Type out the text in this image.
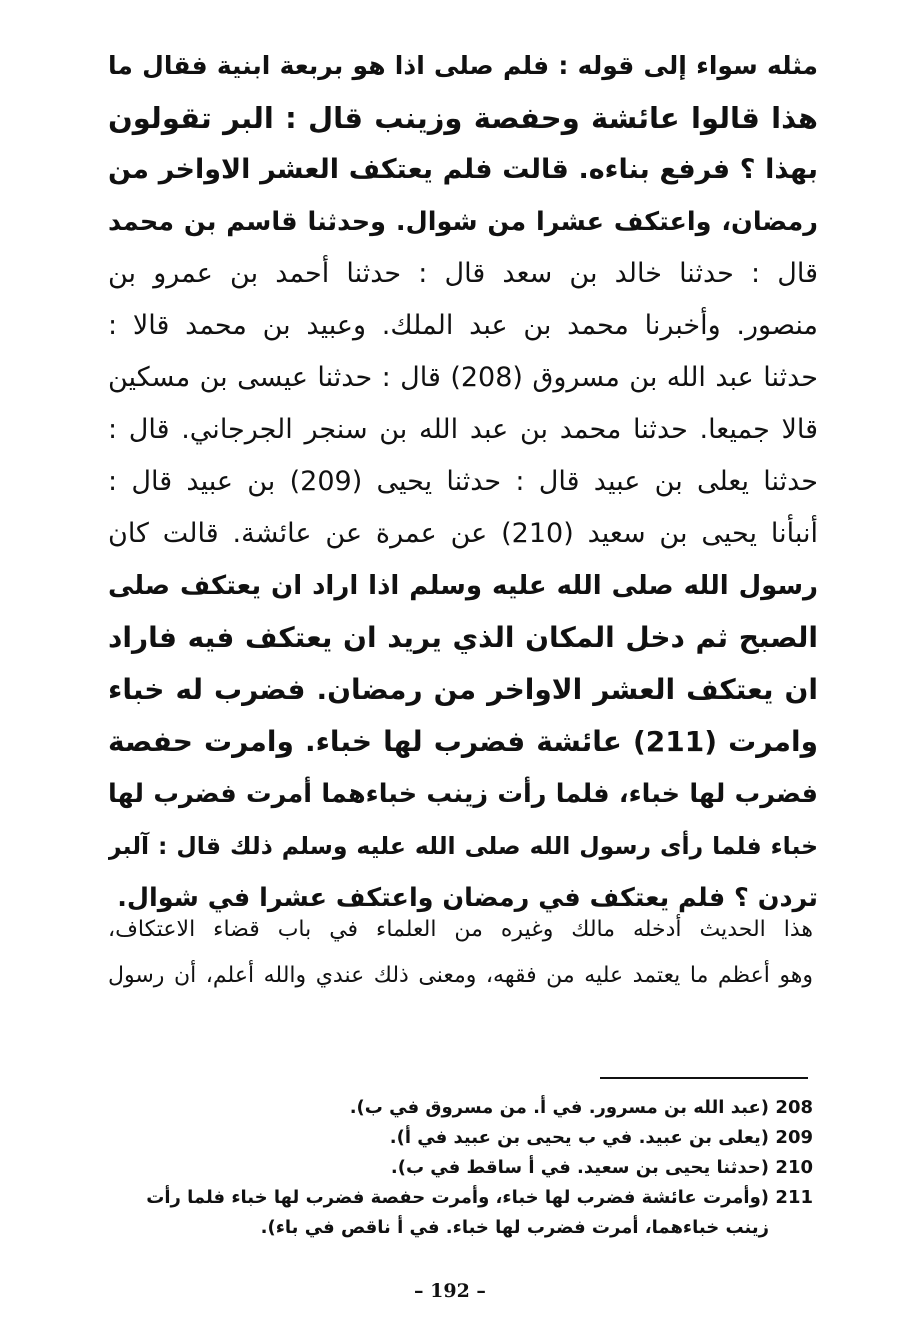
مثله سواء إلى قوله : فلم صلى اذا هو بربعة ابنية فقال ما
هذا قالوا عائشة وحفصة وزينب قال : البر تقولون
بهذا ؟ فرفع بناءه. قالت فلم يعتكف العشر الاواخر من
رمضان، واعتكف عشرا من شوال. وحدثنا قاسم بن محمد
قال : حدثنا خالد بن سعد قال : حدثنا أحمد بن عمرو بن
منصور. وأخبرنا محمد بن عبد الملك. وعبيد بن محمد قالا :
حدثنا عبد الله بن مسروق (208) قال : حدثنا عيسى بن مسكين
قالا جميعا. حدثنا محمد بن عبد الله بن سنجر الجرجاني. قال :
حدثنا يعلى بن عبيد قال : حدثنا يحيى (209) بن عبيد قال :
أنبأنا يحيى بن سعيد (210) عن عمرة عن عائشة. قالت كان
رسول الله صلى الله عليه وسلم اذا اراد ان يعتكف صلى
الصبح ثم دخل المكان الذي يريد ان يعتكف فيه فاراد
ان يعتكف العشر الاواخر من رمضان. فضرب له خباء
وامرت (211) عائشة فضرب لها خباء. وامرت حفصة
فضرب لها خباء، فلما رأت زينب خباءهما أمرت فضرب لها
خباء فلما رأى رسول الله صلى الله عليه وسلم ذلك قال : آلبر
تردن ؟ فلم يعتكف في رمضان واعتكف عشرا في شوال.
هذا الحديث أدخله مالك وغيره من العلماء في باب قضاء الاعتكاف،
وهو أعظم ما يعتمد عليه من فقهه، ومعنى ذلك عندي والله أعلم، أن رسول
208
(عبد الله بن مسرور. في أ. من مسروق في ب).
209
(يعلى بن عبيد. في ب يحيى بن عبيد في أ).
210
(حدثنا يحيى بن سعيد. في أ ساقط في ب).
211
(وأمرت عائشة فضرب لها خباء، وأمرت حفصة فضرب لها خباء فلما رأت زينب خباءهما، أمرت فضرب لها خباء. في أ ناقص في باء).
– 192 –
